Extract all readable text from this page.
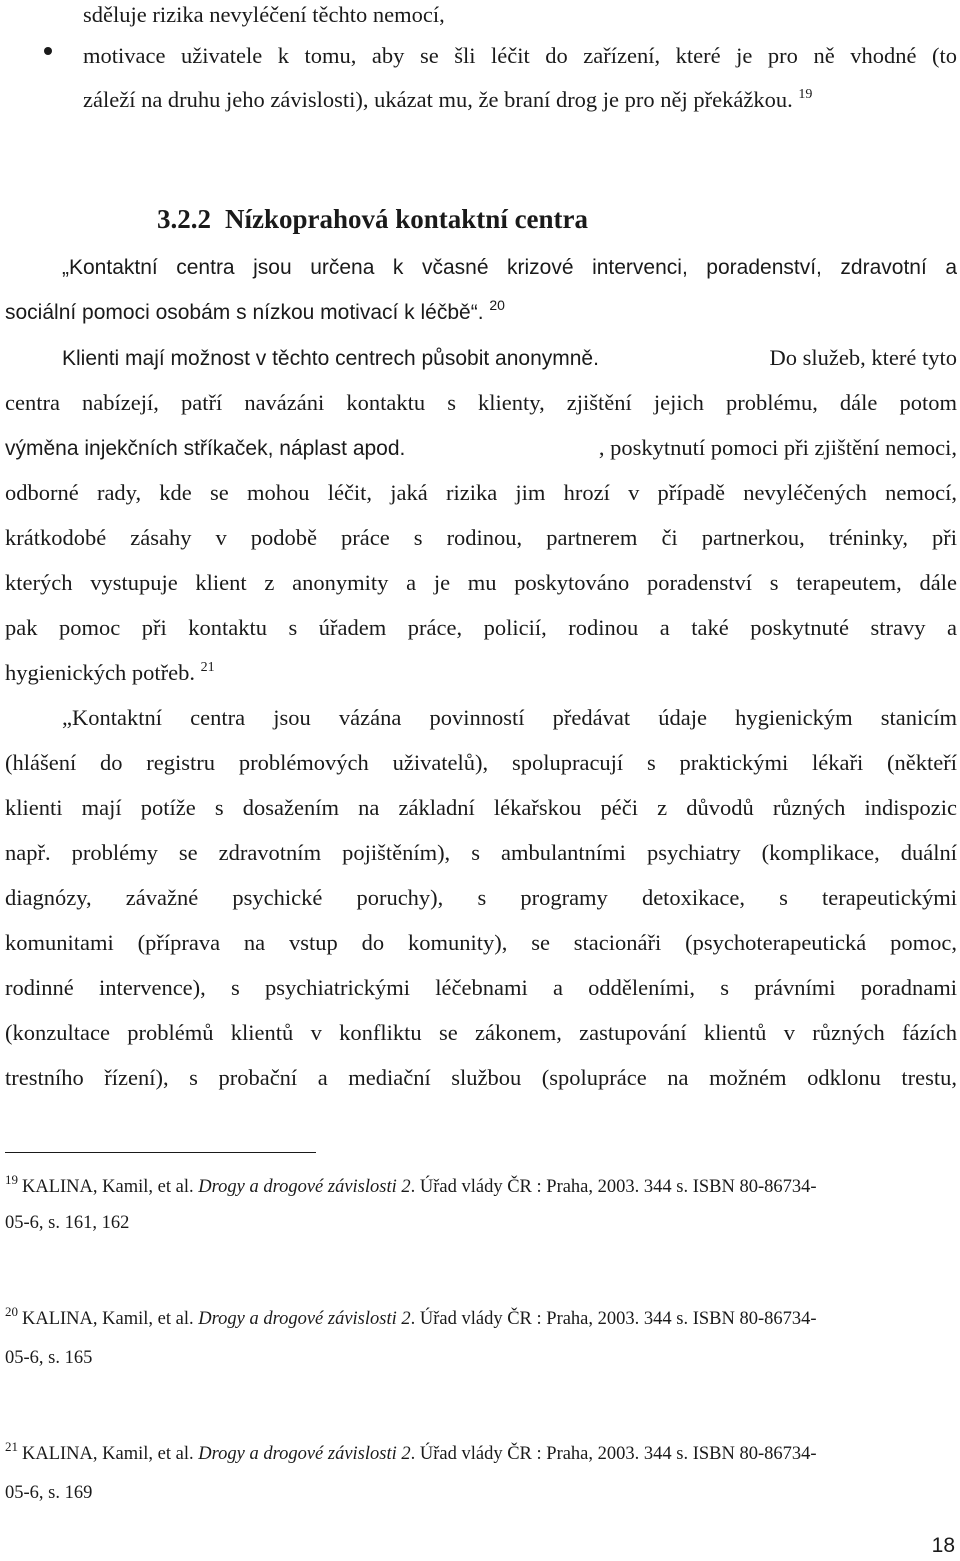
sděluje rizika nevyléčení těchto nemocí,
motivace uživatele k tomu, aby se šli léčit do zařízení, které je pro ně vhodné (to
záleží na druhu jeho závislosti), ukázat mu, že braní drog je pro něj překážkou. $^{19}$
3.2.2 Nízkoprahová kontaktní centra
„Kontaktní centra jsou určena k včasné krizové intervenci, poradenství, zdravotní a
sociální pomoci osobám s nízkou motivací k léčbě“. $^{20}$
Klienti mají možnost v těchto centrech působit anonymně.	Do služeb, které tyto
centra nabízejí, patří navázáni kontaktu s klienty, zjištění jejich problému, dále potom
výměna injekčních stříkaček, náplast apod.	, poskytnutí pomoci při zjištění nemoci,
odborné rady, kde se mohou léčit, jaká rizika jim hrozí v případě nevyléčených nemocí,
krátkodobé zásahy v podobě práce s rodinou, partnerem či partnerkou, tréninky, při
kterých vystupuje klient z anonymity a je mu poskytováno poradenství s terapeutem, dále
pak pomoc při kontaktu s úřadem práce, policií, rodinou a také poskytnuté stravy a
hygienických potřeb. $^{21}$
„Kontaktní centra jsou vázána povinností předávat údaje hygienickým stanicím
(hlášení do registru problémových uživatelů), spolupracují s praktickými lékaři (někteří
klienti mají potíže s dosažením na základní lékařskou péči z důvodů různých indispozic
např. problémy se zdravotním pojištěním), s ambulantními psychiatry (komplikace, duální
diagnózy, závažné psychické poruchy), s programy detoxikace, s terapeutickými
komunitami (příprava na vstup do komunity), se stacionáři (psychoterapeutická pomoc,
rodinné intervence), s psychiatrickými léčebnami a odděleními, s právními poradnami
(konzultace problémů klientů v konfliktu se zákonem, zastupování klientů v různých fázích
trestního řízení), s probační a mediační službou (spolupráce na možném odklonu trestu,
$^{19}$ KALINA, Kamil, et al. Drogy a drogové závislosti 2. Úřad vlády ČR : Praha, 2003. 344 s. ISBN 80-86734-
05-6, s. 161, 162
$^{20}$ KALINA, Kamil, et al. Drogy a drogové závislosti 2. Úřad vlády ČR : Praha, 2003. 344 s. ISBN 80-86734-
05-6, s. 165
$^{21}$ KALINA, Kamil, et al. Drogy a drogové závislosti 2. Úřad vlády ČR : Praha, 2003. 344 s. ISBN 80-86734-
05-6, s. 169
18
